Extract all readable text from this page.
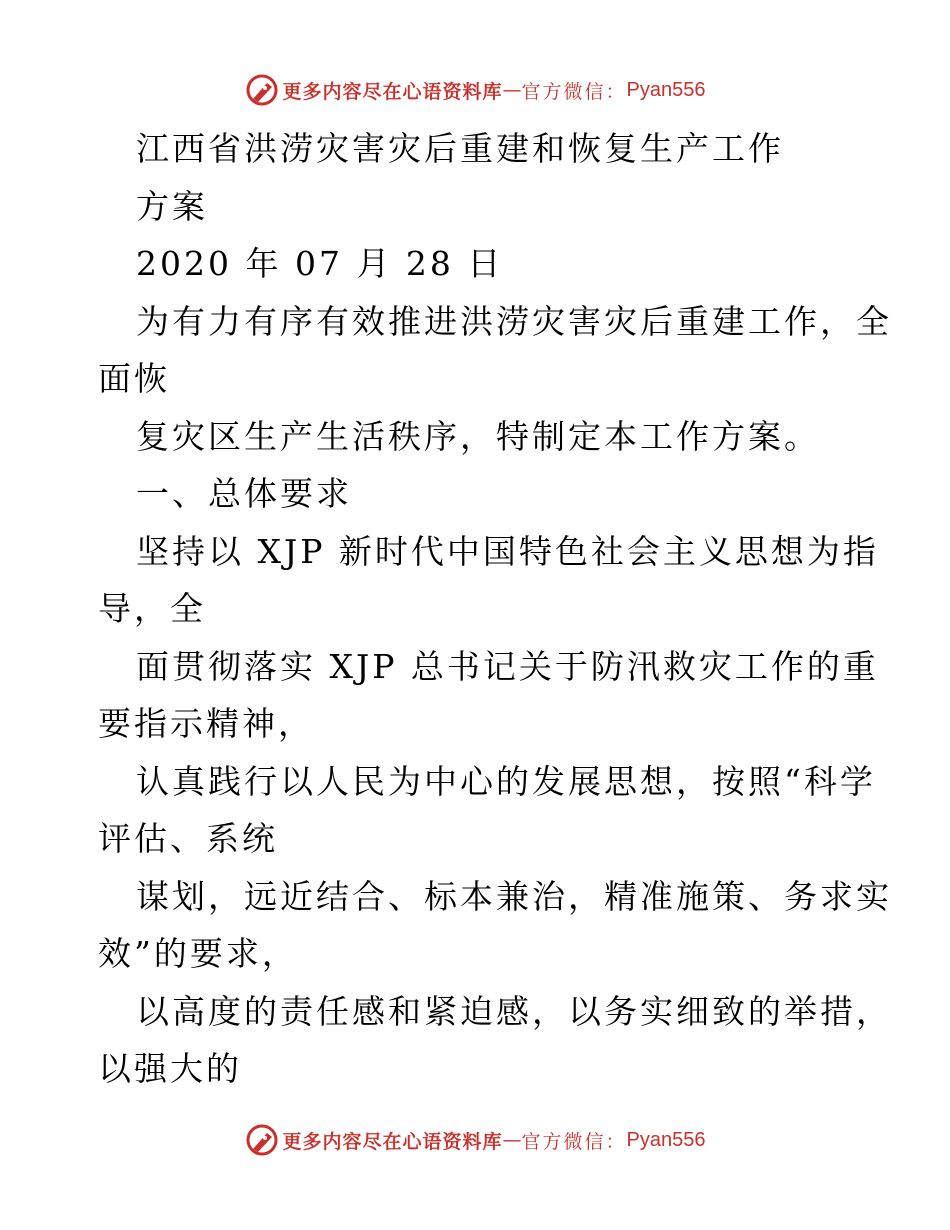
更多内容尽在心语资料库 — 官方微信： Pyan556
江西省洪涝灾害灾后重建和恢复生产工作
方案
2020 年 07 月 28 日
为有力有序有效推进洪涝灾害灾后重建工作，全
面恢
复灾区生产生活秩序，特制定本工作方案。
一、总体要求
坚持以 XJP 新时代中国特色社会主义思想为指
导，全
面贯彻落实 XJP 总书记关于防汛救灾工作的重
要指示精神，
认真践行以人民为中心的发展思想，按照“科学
评估、系统
谋划，远近结合、标本兼治，精准施策、务求实
效”的要求，
以高度的责任感和紧迫感，以务实细致的举措，
以强大的
更多内容尽在心语资料库 — 官方微信： Pyan556
